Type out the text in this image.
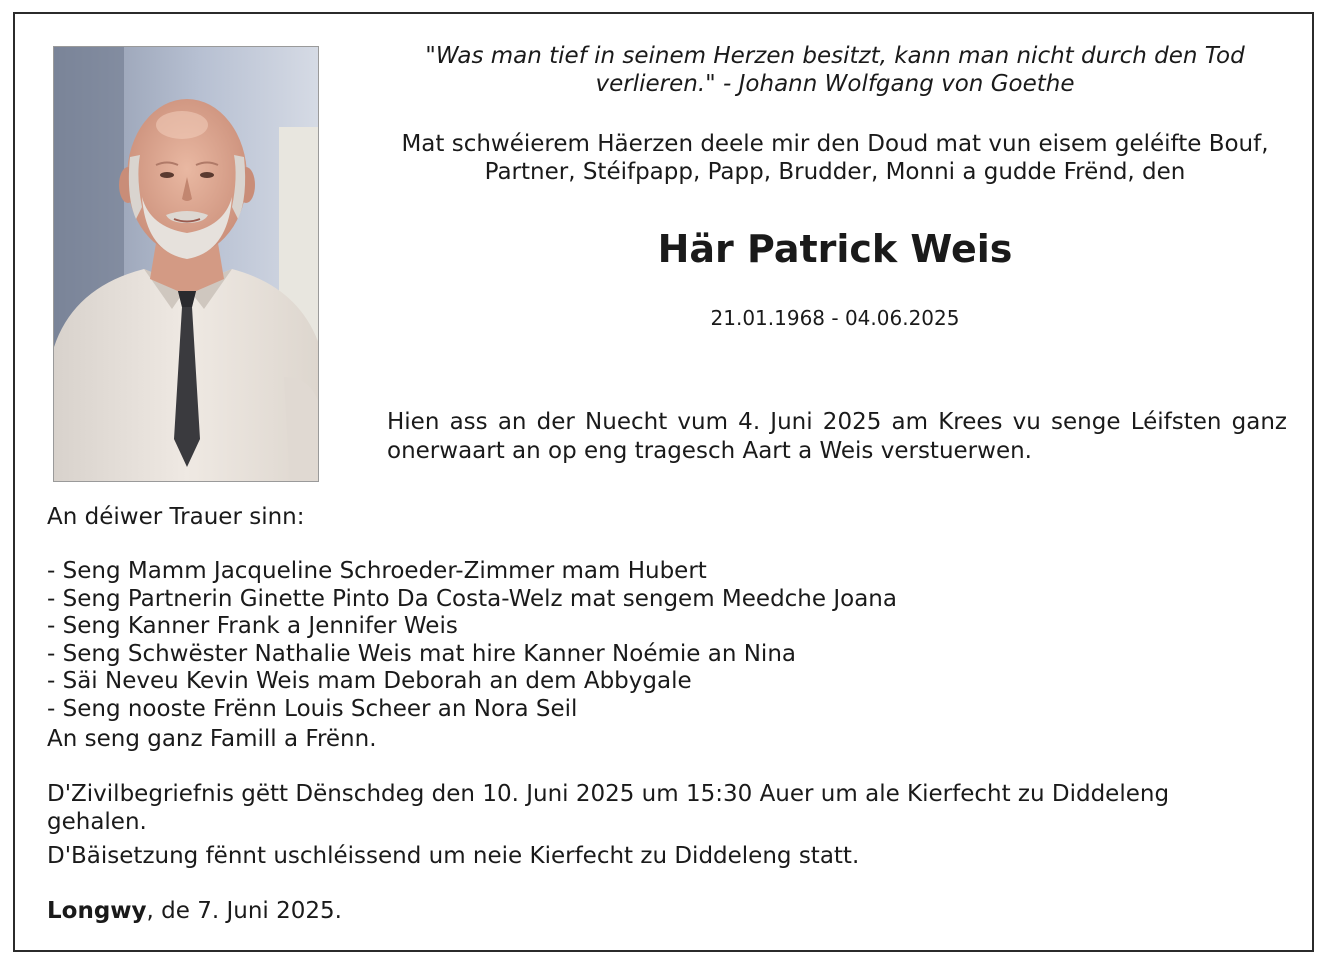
"Was man tief in seinem Herzen besitzt, kann man nicht durch den Tod verlieren." - Johann Wolfgang von Goethe
Mat schwéierem Häerzen deele mir den Doud mat vun eisem geléifte Bouf, Partner, Stéifpapp, Papp, Brudder, Monni a gudde Frënd, den
Här Patrick Weis
21.01.1968 - 04.06.2025
Hien ass an der Nuecht vum 4. Juni 2025 am Krees vu senge Léifsten ganz onerwaart an op eng tragesch Aart a Weis verstuerwen.
An déiwer Trauer sinn:
- Seng Mamm Jacqueline Schroeder-Zimmer mam Hubert
- Seng Partnerin Ginette Pinto Da Costa-Welz mat sengem Meedche Joana
- Seng Kanner Frank a Jennifer Weis
- Seng Schwëster Nathalie Weis mat hire Kanner Noémie an Nina
- Säi Neveu Kevin Weis mam Deborah an dem Abbygale
- Seng nooste Frënn Louis Scheer an Nora Seil
An seng ganz Famill a Frënn.
D'Zivilbegriefnis gëtt Dënschdeg den 10. Juni 2025 um 15:30 Auer um ale Kierfecht zu Diddeleng gehalen.
D'Bäisetzung fënnt uschléissend um neie Kierfecht zu Diddeleng statt.
Longwy, de 7. Juni 2025.
